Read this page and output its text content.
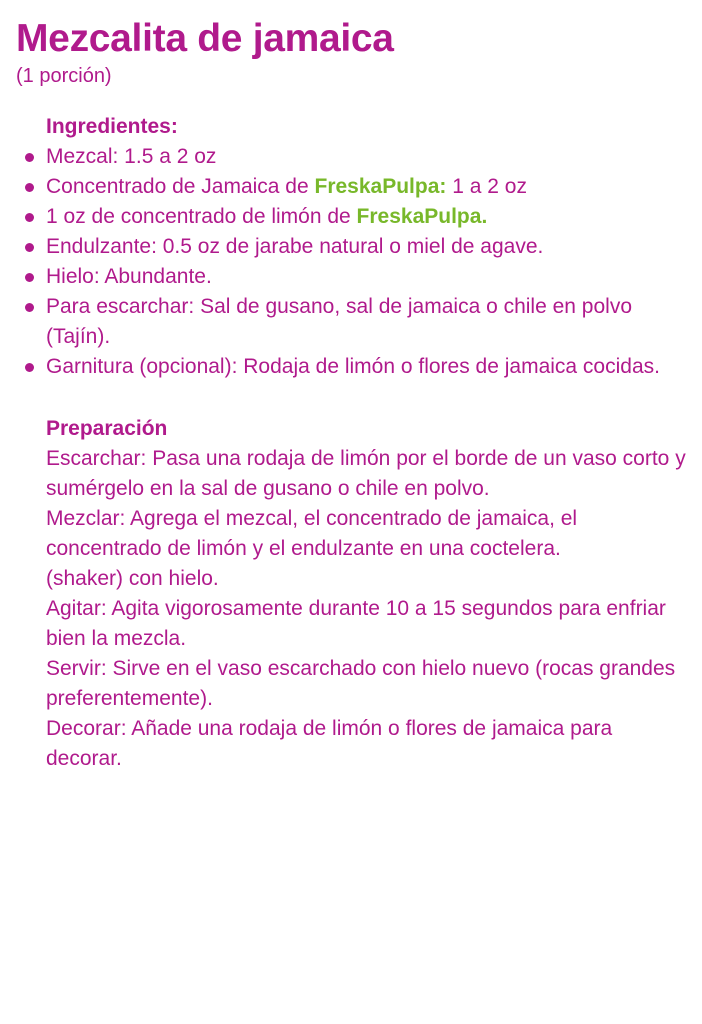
Mezcalita de jamaica
(1 porción)
Ingredientes:
Mezcal: 1.5 a 2 oz
Concentrado de Jamaica de FreskaPulpa: 1 a 2 oz
1 oz de concentrado de limón de FreskaPulpa.
Endulzante: 0.5 oz de jarabe natural o miel de agave.
Hielo: Abundante.
Para escarchar: Sal de gusano, sal de jamaica o chile en polvo (Tajín).
Garnitura (opcional): Rodaja de limón o flores de jamaica cocidas.
Preparación
Escarchar: Pasa una rodaja de limón por el borde de un vaso corto y sumérgelo en la sal de gusano o chile en polvo.
Mezclar: Agrega el mezcal, el concentrado de jamaica, el concentrado de limón y el endulzante en una coctelera.
(shaker) con hielo.
Agitar: Agita vigorosamente durante 10 a 15 segundos para enfriar bien la mezcla.
Servir: Sirve en el vaso escarchado con hielo nuevo (rocas grandes preferentemente).
Decorar: Añade una rodaja de limón o flores de jamaica para decorar.
